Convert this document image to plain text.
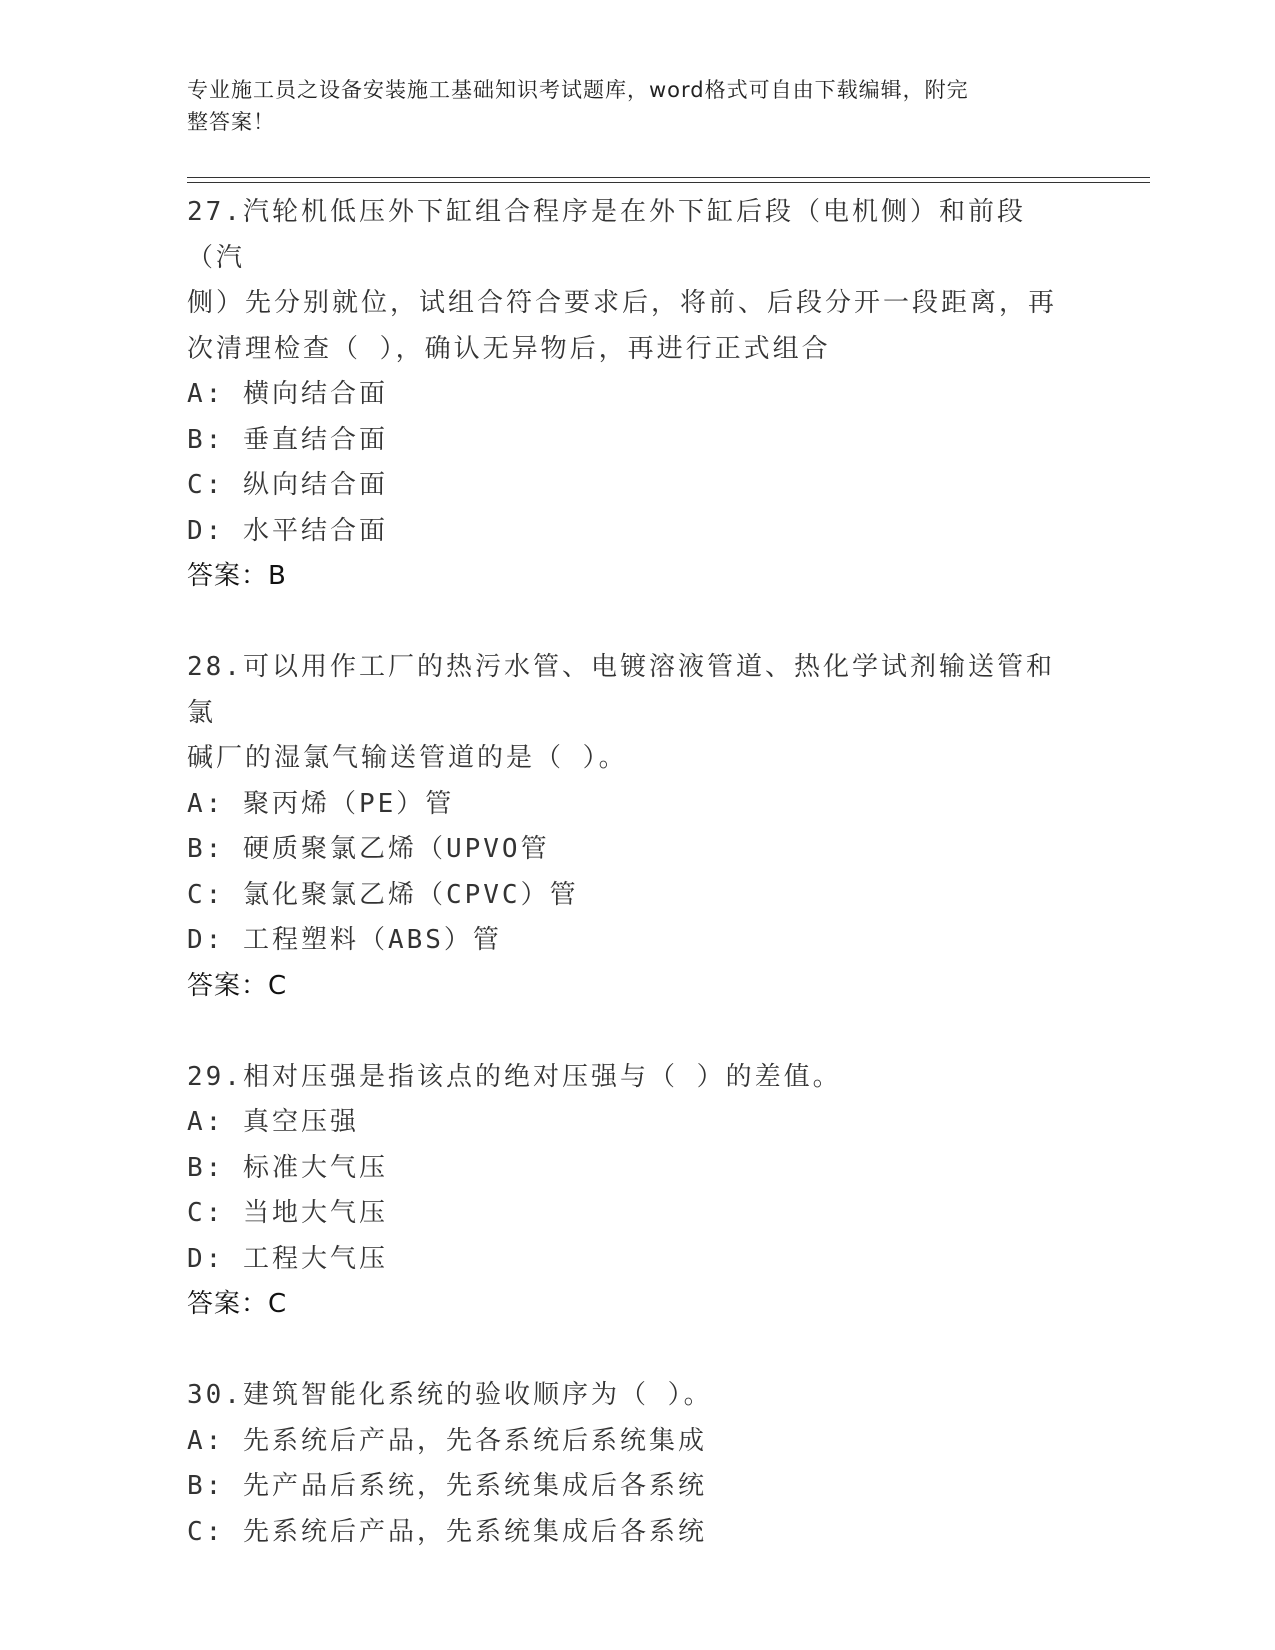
专业施工员之设备安装施工基础知识考试题库，word格式可自由下载编辑，附完
整答案！
27.汽轮机低压外下缸组合程序是在外下缸后段（电机侧）和前段（汽
侧）先分别就位，试组合符合要求后，将前、后段分开一段距离，再
次清理检查（ ），确认无异物后，再进行正式组合
A: 横向结合面
B: 垂直结合面
C: 纵向结合面
D: 水平结合面
答案：B
28.可以用作工厂的热污水管、电镀溶液管道、热化学试剂输送管和氯
碱厂的湿氯气输送管道的是（ ）。
A: 聚丙烯（PE）管
B: 硬质聚氯乙烯（UPVO管
C: 氯化聚氯乙烯（CPVC）管
D: 工程塑料（ABS）管
答案：C
29.相对压强是指该点的绝对压强与（ ）的差值。
A: 真空压强
B: 标准大气压
C: 当地大气压
D: 工程大气压
答案：C
30.建筑智能化系统的验收顺序为（ ）。
A: 先系统后产品，先各系统后系统集成
B: 先产品后系统，先系统集成后各系统
C: 先系统后产品，先系统集成后各系统
